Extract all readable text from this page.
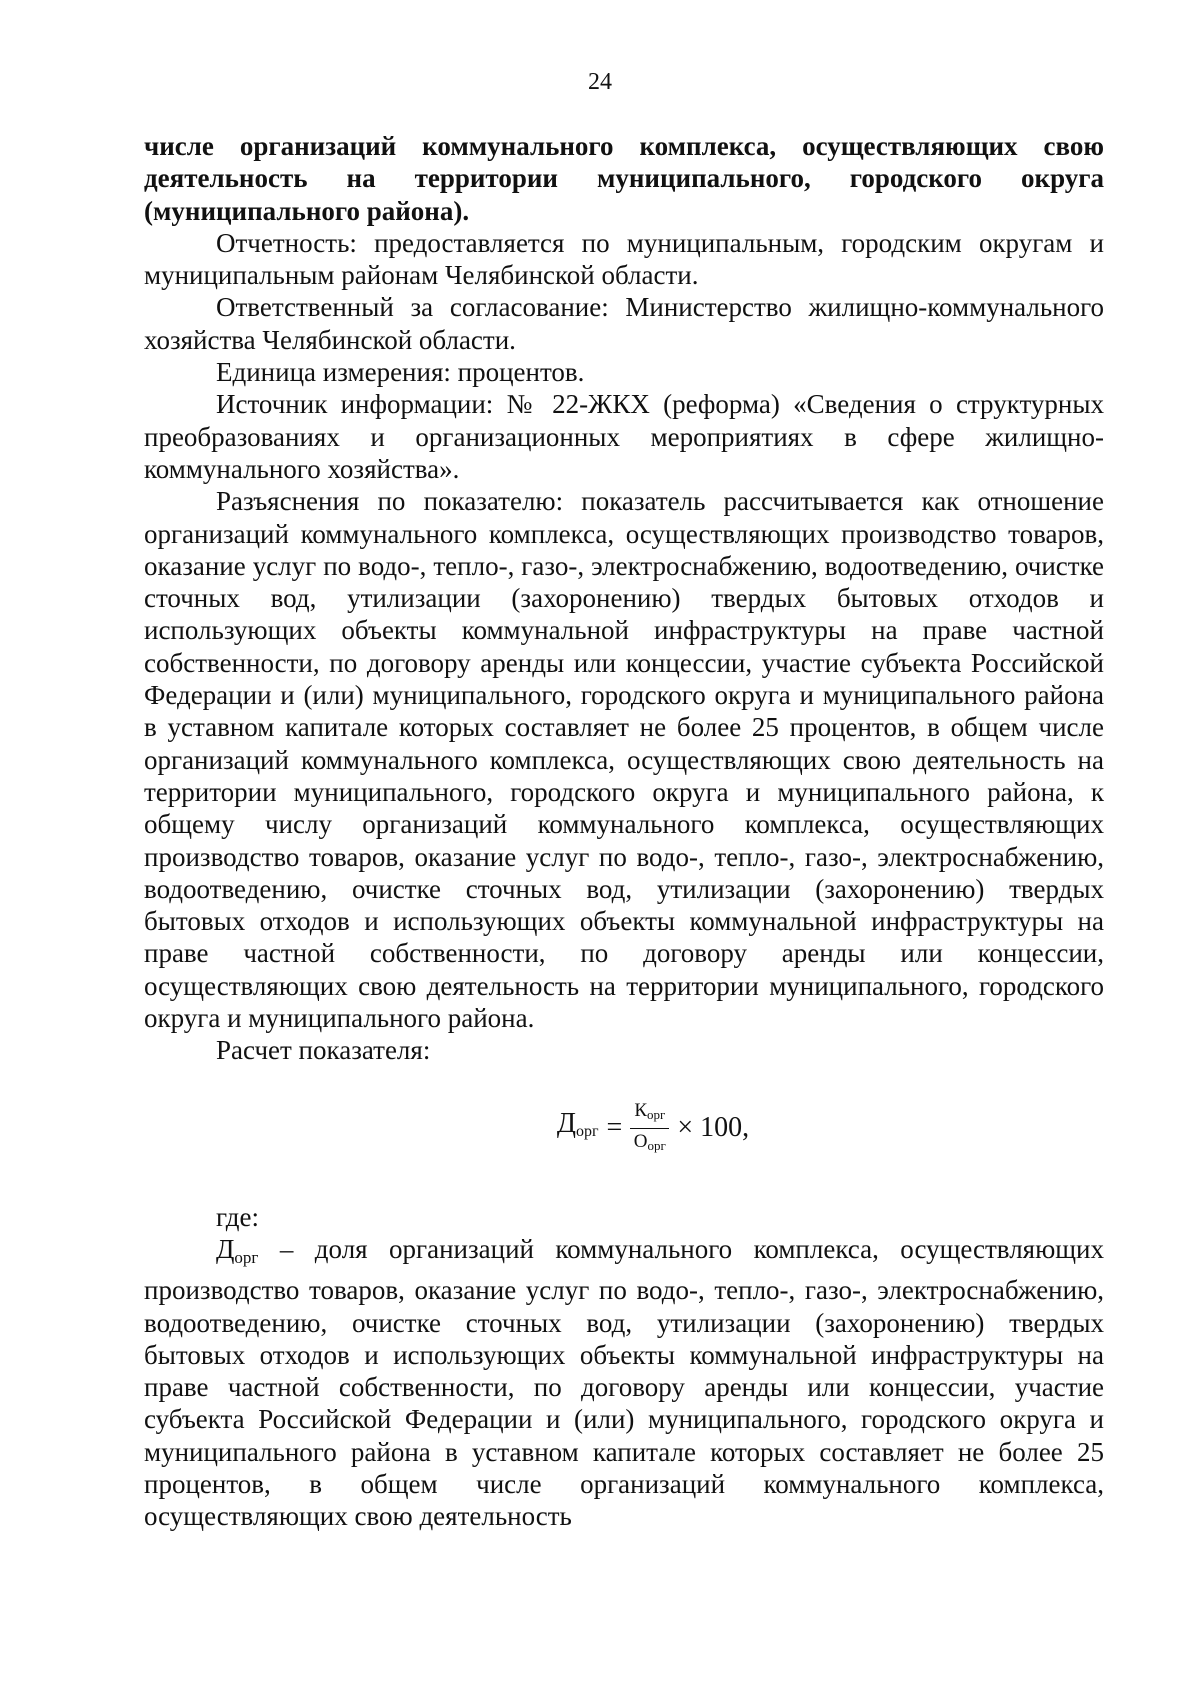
24

числе организаций коммунального комплекса, осуществляющих свою деятельность на территории муниципального, городского округа (муниципального района).

Отчетность: предоставляется по муниципальным, городским округам и муниципальным районам Челябинской области.

Ответственный за согласование: Министерство жилищно-коммунального хозяйства Челябинской области.

Единица измерения: процентов.

Источник информации: № 22-ЖКХ (реформа) «Сведения о структурных преобразованиях и организационных мероприятиях в сфере жилищно-коммунального хозяйства».

Разъяснения по показателю: показатель рассчитывается как отношение организаций коммунального комплекса, осуществляющих производство товаров, оказание услуг по водо-, тепло-, газо-, электроснабжению, водоотведению, очистке сточных вод, утилизации (захоронению) твердых бытовых отходов и использующих объекты коммунальной инфраструктуры на праве частной собственности, по договору аренды или концессии, участие субъекта Российской Федерации и (или) муниципального, городского округа и муниципального района в уставном капитале которых составляет не более 25 процентов, в общем числе организаций коммунального комплекса, осуществляющих свою деятельность на территории муниципального, городского округа и муниципального района, к общему числу организаций коммунального комплекса, осуществляющих производство товаров, оказание услуг по водо-, тепло-, газо-, электроснабжению, водоотведению, очистке сточных вод, утилизации (захоронению) твердых бытовых отходов и использующих объекты коммунальной инфраструктуры на праве частной собственности, по договору аренды или концессии, осуществляющих свою деятельность на территории муниципального, городского округа и муниципального района.

Расчет показателя:

$Д_{орг} = \frac{К_{орг}}{О_{орг}} \times 100$,

где:

$Д_{орг}$ – доля организаций коммунального комплекса, осуществляющих производство товаров, оказание услуг по водо-, тепло-, газо-, электроснабжению, водоотведению, очистке сточных вод, утилизации (захоронению) твердых бытовых отходов и использующих объекты коммунальной инфраструктуры на праве частной собственности, по договору аренды или концессии, участие субъекта Российской Федерации и (или) муниципального, городского округа и муниципального района в уставном капитале которых составляет не более 25 процентов, в общем числе организаций коммунального комплекса, осуществляющих свою деятельность
